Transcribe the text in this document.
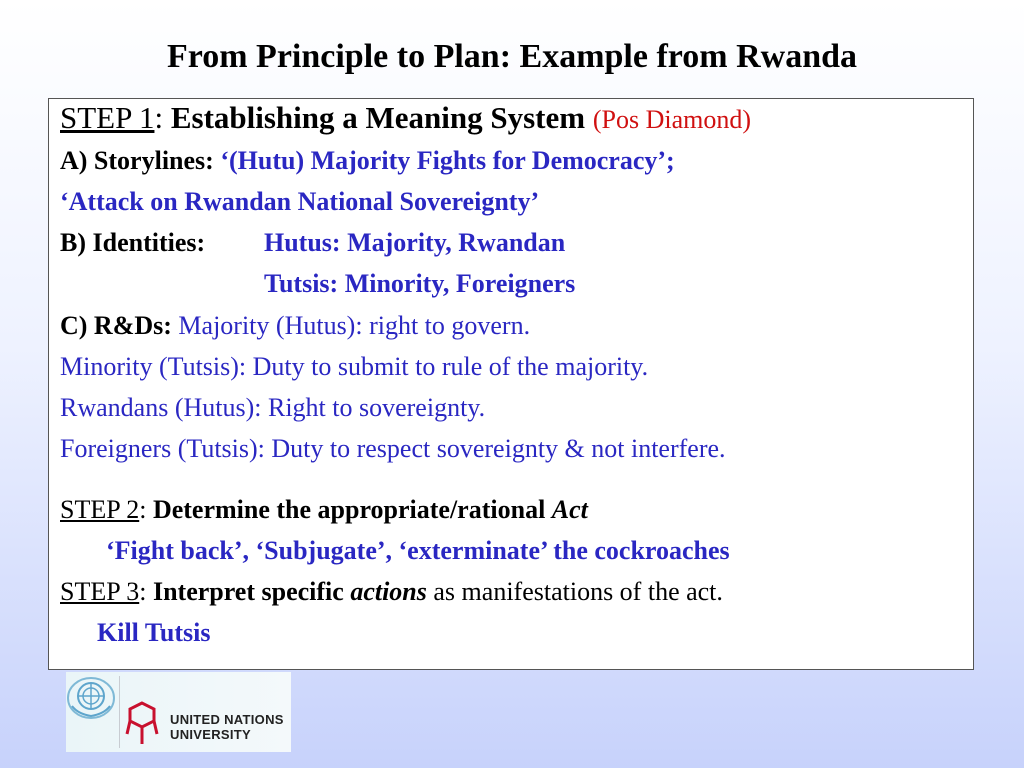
From Principle to Plan: Example from Rwanda
STEP 1: Establishing a Meaning System (Pos Diamond)
A) Storylines: ‘(Hutu) Majority Fights for Democracy’;
‘Attack on Rwandan National Sovereignty’
B) Identities: Hutus: Majority, Rwandan
Tutsis: Minority, Foreigners
C) R&Ds: Majority (Hutus): right to govern.
Minority (Tutsis): Duty to submit to rule of the majority.
Rwandans (Hutus): Right to sovereignty.
Foreigners (Tutsis): Duty to respect sovereignty & not interfere.
STEP 2: Determine the appropriate/rational Act
‘Fight back’, ‘Subjugate’, ‘exterminate’ the cockroaches
STEP 3: Interpret specific actions as manifestations of the act.
Kill Tutsis
UNITED NATIONS
UNIVERSITY
